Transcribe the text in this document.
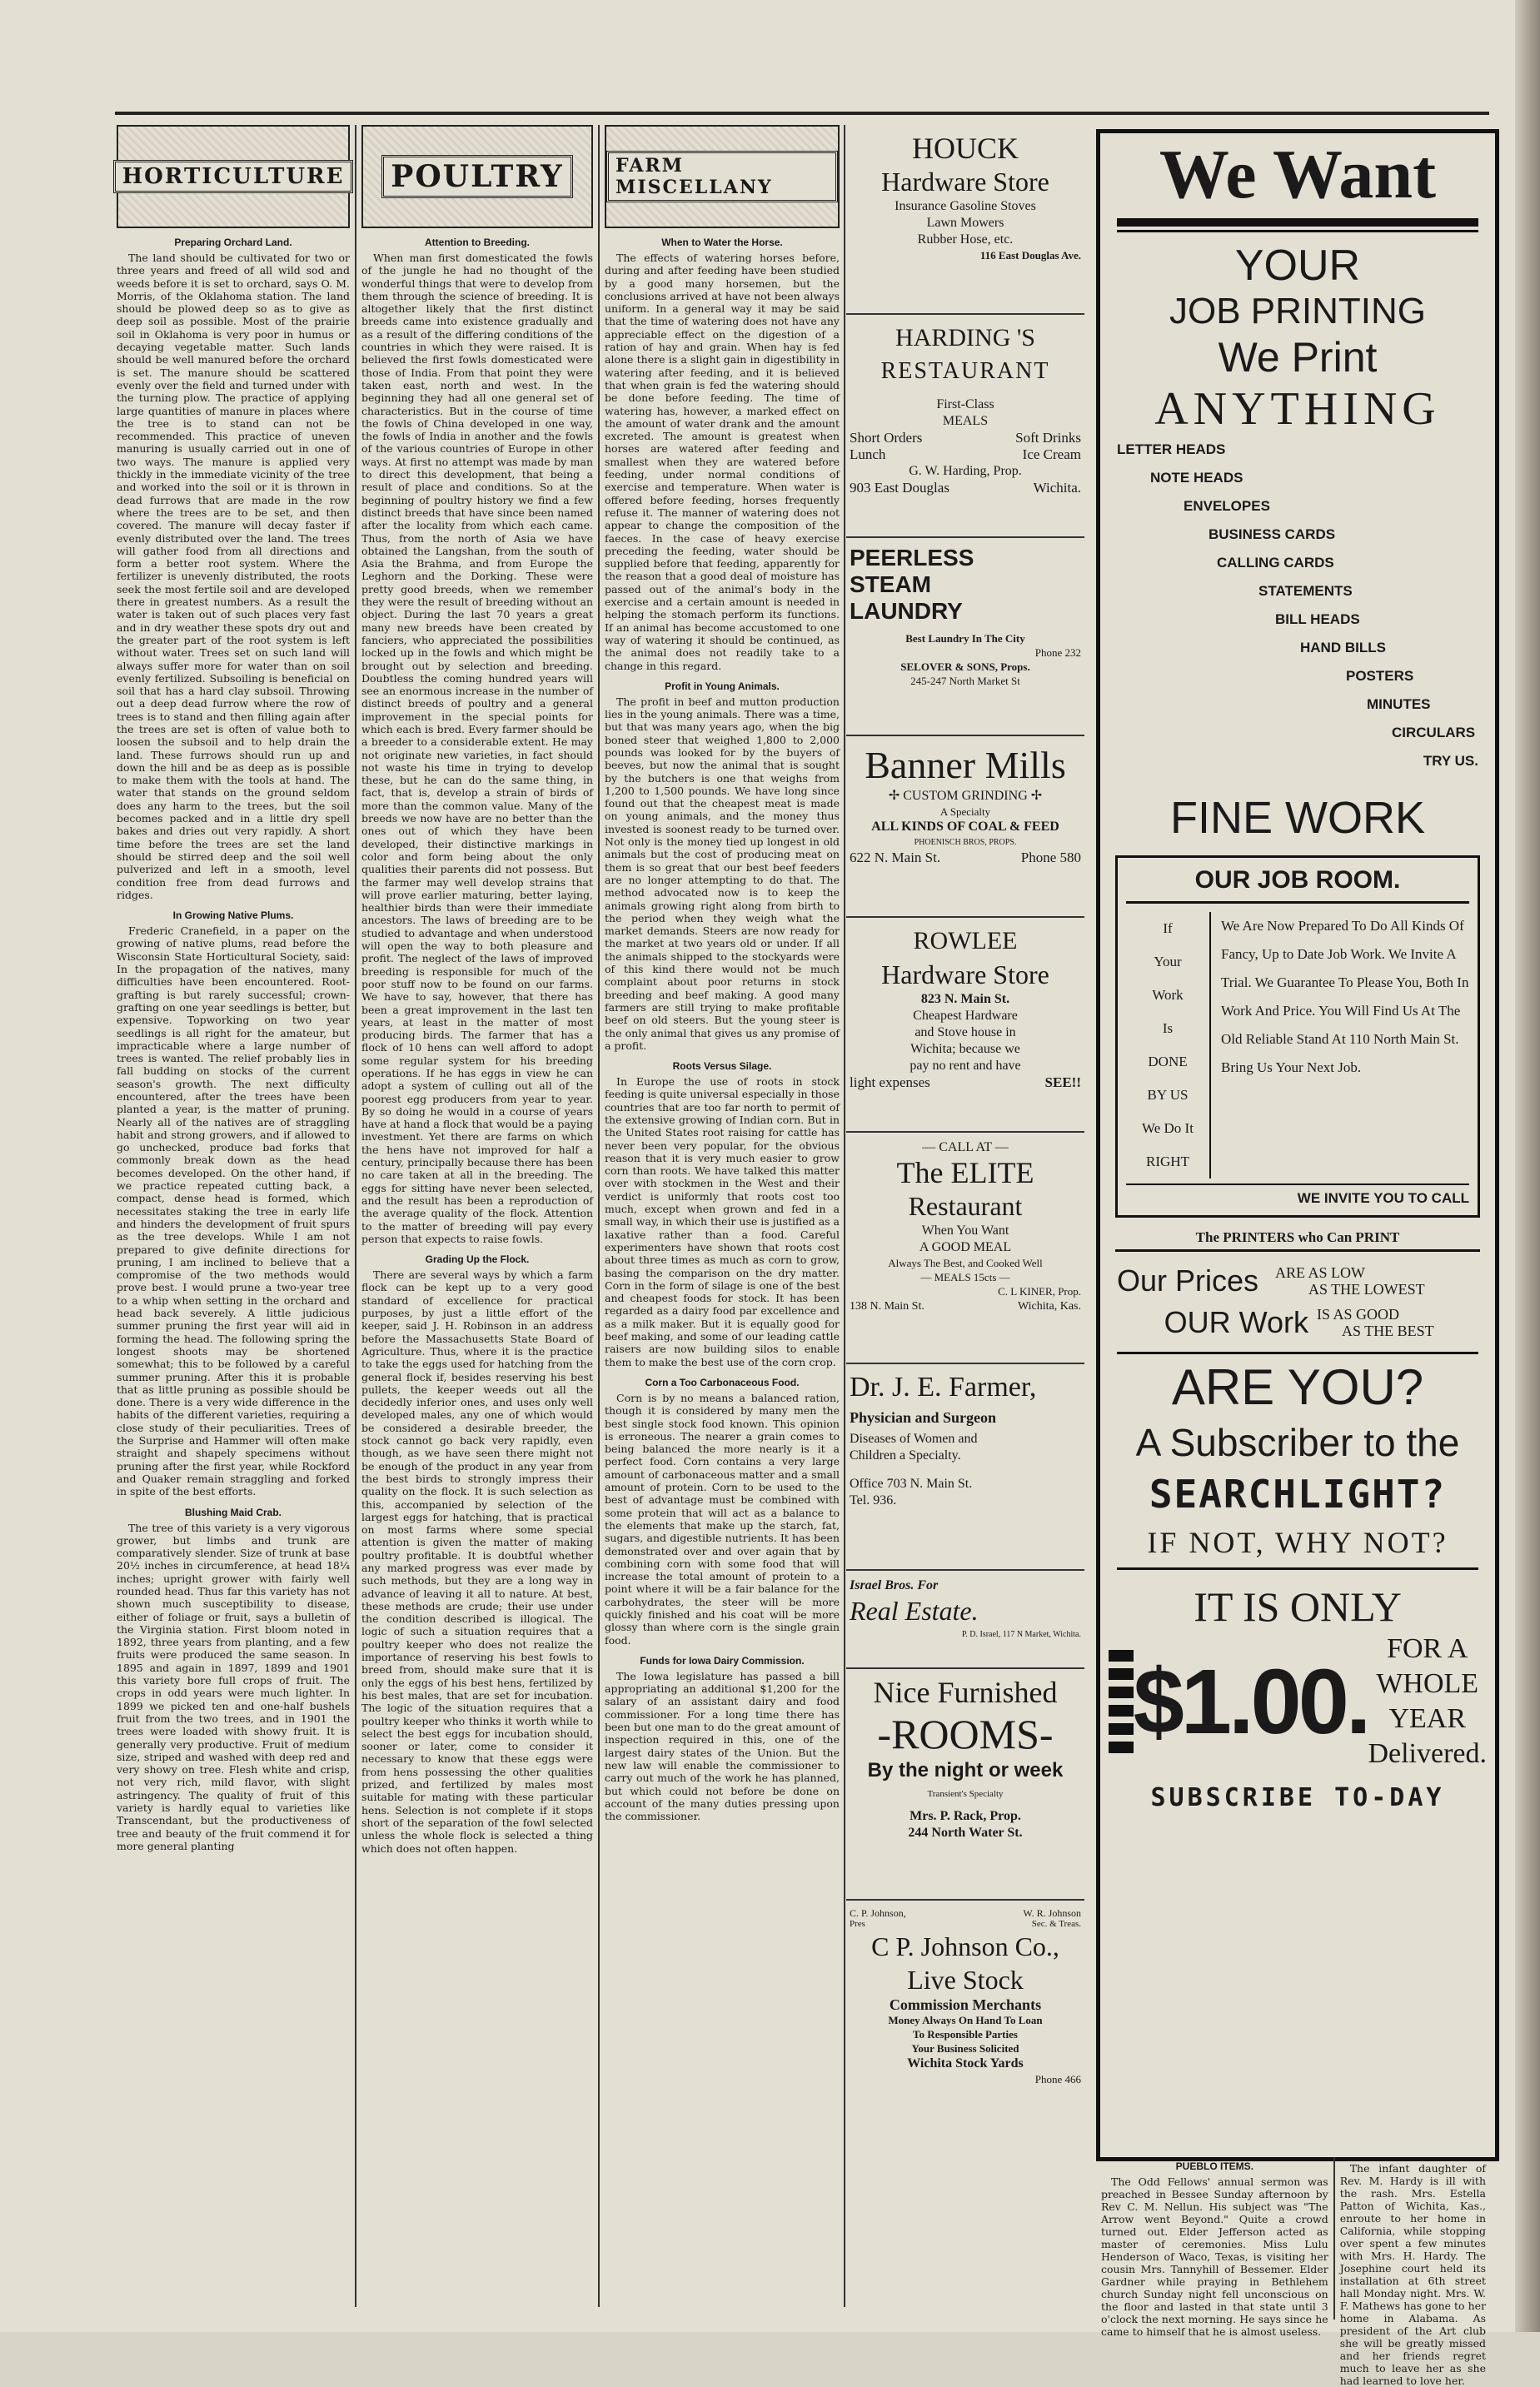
HORTICULTURE
Preparing Orchard Land.

The land should be cultivated for two or three years and freed of all wild sod and weeds before it is set to orchard, says O. M. Morris, of the Oklahoma station. The land should be plowed deep so as to give as deep soil as possible. Most of the prairie soil in Oklahoma is very poor in humus or decaying vegetable matter. Such lands should be well manured before the orchard is set. The manure should be scattered evenly over the field and turned under with the turning plow. The practice of applying large quantities of manure in places where the tree is to stand can not be recommended. This practice of uneven manuring is usually carried out in one of two ways. The manure is applied very thickly in the immediate vicinity of the tree and worked into the soil or it is thrown in dead furrows that are made in the row where the trees are to be set, and then covered. The manure will decay faster if evenly distributed over the land. The trees will gather food from all directions and form a better root system. Where the fertilizer is unevenly distributed, the roots seek the most fertile soil and are developed there in greatest numbers. As a result the water is taken out of such places very fast and in dry weather these spots dry out and the greater part of the root system is left without water. Trees set on such land will always suffer more for water than on soil evenly fertilized. Subsoiling is beneficial on soil that has a hard clay subsoil. Throwing out a deep dead furrow where the row of trees is to stand and then filling again after the trees are set is often of value both to loosen the subsoil and to help drain the land. These furrows should run up and down the hill and be as deep as is possible to make them with the tools at hand. The water that stands on the ground seldom does any harm to the trees, but the soil becomes packed and in a little dry spell bakes and dries out very rapidly. A short time before the trees are set the land should be stirred deep and the soil well pulverized and left in a smooth, level condition free from dead furrows and ridges.

In Growing Native Plums.

Frederic Cranefield, in a paper on the growing of native plums, read before the Wisconsin State Horticultural Society, said: In the propagation of the natives, many difficulties have been encountered. Root-grafting is but rarely successful; crown-grafting on one year seedlings is better, but expensive. Topworking on two year seedlings is all right for the amateur, but impracticable where a large number of trees is wanted. The relief probably lies in fall budding on stocks of the current season's growth. The next difficulty encountered, after the trees have been planted a year, is the matter of pruning. Nearly all of the natives are of straggling habit and strong growers, and if allowed to go unchecked, produce bad forks that commonly break down as the head becomes developed. On the other hand, if we practice repeated cutting back, a compact, dense head is formed, which necessitates staking the tree in early life and hinders the development of fruit spurs as the tree develops. While I am not prepared to give definite directions for pruning, I am inclined to believe that a compromise of the two methods would prove best. I would prune a two-year tree to a whip when setting in the orchard and head back severely. A little judicious summer pruning the first year will aid in forming the head. The following spring the longest shoots may be shortened somewhat; this to be followed by a careful summer pruning. After this it is probable that as little pruning as possible should be done. There is a very wide difference in the habits of the different varieties, requiring a close study of their peculiarities. Trees of the Surprise and Hammer will often make straight and shapely specimens without pruning after the first year, while Rockford and Quaker remain straggling and forked in spite of the best efforts.

Blushing Maid Crab.

The tree of this variety is a very vigorous grower, but limbs and trunk are comparatively slender. Size of trunk at base 20½ inches in circumference, at head 18¼ inches; upright grower with fairly well rounded head. Thus far this variety has not shown much susceptibility to disease, either of foliage or fruit, says a bulletin of the Virginia station. First bloom noted in 1892, three years from planting, and a few fruits were produced the same season. In 1895 and again in 1897, 1899 and 1901 this variety bore full crops of fruit. The crops in odd years were much lighter. In 1899 we picked ten and one-half bushels fruit from the two trees, and in 1901 the trees were loaded with showy fruit. It is generally very productive. Fruit of medium size, striped and washed with deep red and very showy on tree. Flesh white and crisp, not very rich, mild flavor, with slight astringency. The quality of fruit of this variety is hardly equal to varieties like Transcendant, but the productiveness of tree and beauty of the fruit commend it for more general planting

POULTRY
Attention to Breeding.

When man first domesticated the fowls of the jungle he had no thought of the wonderful things that were to develop from them through the science of breeding. It is altogether likely that the first distinct breeds came into existence gradually and as a result of the differing conditions of the countries in which they were raised. It is believed the first fowls domesticated were those of India. From that point they were taken east, north and west. In the beginning they had all one general set of characteristics. But in the course of time the fowls of China developed in one way, the fowls of India in another and the fowls of the various countries of Europe in other ways. At first no attempt was made by man to direct this development, that being a result of place and conditions. So at the beginning of poultry history we find a few distinct breeds that have since been named after the locality from which each came. Thus, from the north of Asia we have obtained the Langshan, from the south of Asia the Brahma, and from Europe the Leghorn and the Dorking. These were pretty good breeds, when we remember they were the result of breeding without an object. During the last 70 years a great many new breeds have been created by fanciers, who appreciated the possibilities locked up in the fowls and which might be brought out by selection and breeding. Doubtless the coming hundred years will see an enormous increase in the number of distinct breeds of poultry and a general improvement in the special points for which each is bred. Every farmer should be a breeder to a considerable extent. He may not originate new varieties, in fact should not waste his time in trying to develop these, but he can do the same thing, in fact, that is, develop a strain of birds of more than the common value. Many of the breeds we now have are no better than the ones out of which they have been developed, their distinctive markings in color and form being about the only qualities their parents did not possess. But the farmer may well develop strains that will prove earlier maturing, better laying, healthier birds than were their immediate ancestors. The laws of breeding are to be studied to advantage and when understood will open the way to both pleasure and profit. The neglect of the laws of improved breeding is responsible for much of the poor stuff now to be found on our farms. We have to say, however, that there has been a great improvement in the last ten years, at least in the matter of most producing birds. The farmer that has a flock of 10 hens can well afford to adopt some regular system for his breeding operations. If he has eggs in view he can adopt a system of culling out all of the poorest egg producers from year to year. By so doing he would in a course of years have at hand a flock that would be a paying investment. Yet there are farms on which the hens have not improved for half a century, principally because there has been no care taken at all in the breeding. The eggs for sitting have never been selected, and the result has been a reproduction of the average quality of the flock. Attention to the matter of breeding will pay every person that expects to raise fowls.

Grading Up the Flock.

There are several ways by which a farm flock can be kept up to a very good standard of excellence for practical purposes, by just a little effort of the keeper, said J. H. Robinson in an address before the Massachusetts State Board of Agriculture. Thus, where it is the practice to take the eggs used for hatching from the general flock if, besides reserving his best pullets, the keeper weeds out all the decidedly inferior ones, and uses only well developed males, any one of which would be considered a desirable breeder, the stock cannot go back very rapidly, even though, as we have seen there might not be enough of the product in any year from the best birds to strongly impress their quality on the flock. It is such selection as this, accompanied by selection of the largest eggs for hatching, that is practical on most farms where some special attention is given the matter of making poultry profitable. It is doubtful whether any marked progress was ever made by such methods, but they are a long way in advance of leaving it all to nature. At best, these methods are crude; their use under the condition described is illogical. The logic of such a situation requires that a poultry keeper who does not realize the importance of reserving his best fowls to breed from, should make sure that it is only the eggs of his best hens, fertilized by his best males, that are set for incubation. The logic of the situation requires that a poultry keeper who thinks it worth while to select the best eggs for incubation should, sooner or later, come to consider it necessary to know that these eggs were from hens possessing the other qualities prized, and fertilized by males most suitable for mating with these particular hens. Selection is not complete if it stops short of the separation of the fowl selected unless the whole flock is selected a thing which does not often happen.

FARM MISCELLANY
When to Water the Horse.

The effects of watering horses before, during and after feeding have been studied by a good many horsemen, but the conclusions arrived at have not been always uniform. In a general way it may be said that the time of watering does not have any appreciable effect on the digestion of a ration of hay and grain. When hay is fed alone there is a slight gain in digestibility in watering after feeding, and it is believed that when grain is fed the watering should be done before feeding. The time of watering has, however, a marked effect on the amount of water drank and the amount excreted. The amount is greatest when horses are watered after feeding and smallest when they are watered before feeding, under normal conditions of exercise and temperature. When water is offered before feeding, horses frequently refuse it. The manner of watering does not appear to change the composition of the faeces. In the case of heavy exercise preceding the feeding, water should be supplied before that feeding, apparently for the reason that a good deal of moisture has passed out of the animal's body in the exercise and a certain amount is needed in helping the stomach perform its functions. If an animal has become accustomed to one way of watering it should be continued, as the animal does not readily take to a change in this regard.

Profit in Young Animals.

The profit in beef and mutton production lies in the young animals. There was a time, but that was many years ago, when the big boned steer that weighed 1,800 to 2,000 pounds was looked for by the buyers of beeves, but now the animal that is sought by the butchers is one that weighs from 1,200 to 1,500 pounds. We have long since found out that the cheapest meat is made on young animals, and the money thus invested is soonest ready to be turned over. Not only is the money tied up longest in old animals but the cost of producing meat on them is so great that our best beef feeders are no longer attempting to do that. The method advocated now is to keep the animals growing right along from birth to the period when they weigh what the market demands. Steers are now ready for the market at two years old or under. If all the animals shipped to the stockyards were of this kind there would not be much complaint about poor returns in stock breeding and beef making. A good many farmers are still trying to make profitable beef on old steers. But the young steer is the only animal that gives us any promise of a profit.

Roots Versus Silage.

In Europe the use of roots in stock feeding is quite universal especially in those countries that are too far north to permit of the extensive growing of Indian corn. But in the United States root raising for cattle has never been very popular, for the obvious reason that it is very much easier to grow corn than roots. We have talked this matter over with stockmen in the West and their verdict is uniformly that roots cost too much, except when grown and fed in a small way, in which their use is justified as a laxative rather than a food. Careful experimenters have shown that roots cost about three times as much as corn to grow, basing the comparison on the dry matter. Corn in the form of silage is one of the best and cheapest foods for stock. It has been regarded as a dairy food par excellence and as a milk maker. But it is equally good for beef making, and some of our leading cattle raisers are now building silos to enable them to make the best use of the corn crop.

Corn a Too Carbonaceous Food.

Corn is by no means a balanced ration, though it is considered by many men the best single stock food known. This opinion is erroneous. The nearer a grain comes to being balanced the more nearly is it a perfect food. Corn contains a very large amount of carbonaceous matter and a small amount of protein. Corn to be used to the best of advantage must be combined with some protein that will act as a balance to the elements that make up the starch, fat, sugars, and digestible nutrients. It has been demonstrated over and over again that by combining corn with some food that will increase the total amount of protein to a point where it will be a fair balance for the carbohydrates, the steer will be more quickly finished and his coat will be more glossy than where corn is the single grain food.

Funds for Iowa Dairy Commission.

The Iowa legislature has passed a bill appropriating an additional $1,200 for the salary of an assistant dairy and food commissioner. For a long time there has been but one man to do the great amount of inspection required in this, one of the largest dairy states of the Union. But the new law will enable the commissioner to carry out much of the work he has planned, but which could not before be done on account of the many duties pressing upon the commissioner.

HOUCK
Hardware Store
Insurance Gasoline Stoves
Lawn Mowers
Rubber Hose, etc.
116 East Douglas Ave.
HARDING 'S
RESTAURANT
First-Class
MEALS
Short Orders	Soft Drinks
Lunch	Ice Cream
G. W. Harding, Prop.
903 East Douglas	Wichita.
PEERLESS
STEAM
LAUNDRY
Best Laundry In The City
Phone 232
SELOVER & SONS, Props.
245-247 North Market St
Banner Mills
✢ CUSTOM GRINDING ✢
A Specialty
ALL KINDS OF COAL & FEED
PHOENISCH BROS, PROPS.
622 N. Main St.	Phone 580
ROWLEE
Hardware Store
823 N. Main St.
Cheapest Hardware
and Stove house in
Wichita; because we
pay no rent and have
light expenses	SEE!!
— CALL AT —
The ELITE
Restaurant
When You Want
A GOOD MEAL
Always The Best, and Cooked Well
— MEALS 15cts —
C. L KINER, Prop.
138 N. Main St.	Wichita, Kas.
Dr. J. E. Farmer,
Physician and Surgeon
Diseases of Women and
Children a Specialty.
Office 703 N. Main St.
Tel. 936.
Israel Bros. For
Real Estate.
P. D. Israel, 117 N Market, Wichita.
Nice Furnished
-ROOMS-
By the night or week
Transient's Specialty
Mrs. P. Rack, Prop.
244 North Water St.
C. P. Johnson,	W. R. Johnson
Pres	Sec. & Treas.
C P. Johnson Co.,
Live Stock
Commission Merchants
Money Always On Hand To Loan
To Responsible Parties
Your Business Solicited
Wichita Stock Yards
Phone 466
We Want
YOUR
JOB PRINTING
We Print
ANYTHING
LETTER HEADS
NOTE HEADS
ENVELOPES
BUSINESS CARDS
CALLING CARDS
STATEMENTS
BILL HEADS
HAND BILLS
POSTERS
MINUTES
CIRCULARS
TRY US.
FINE WORK
OUR JOB ROOM.
If
Your
Work
Is
DONE
BY US
We Do It
RIGHT
We Are Now Prepared To Do All Kinds Of Fancy, Up to Date Job Work. We Invite A Trial. We Guarantee To Please You, Both In Work And Price. You Will Find Us At The Old Reliable Stand At 110 North Main St. Bring Us Your Next Job.
WE INVITE YOU TO CALL
The PRINTERS who Can PRINT
Our Prices	ARE AS LOW
AS THE LOWEST
OUR Work IS AS GOOD
AS THE BEST
ARE YOU?
A Subscriber to the
SEARCHLIGHT?
IF NOT, WHY NOT?
IT IS ONLY
$1.00.
FOR A
WHOLE YEAR
Delivered.
SUBSCRIBE TO-DAY
PUEBLO ITEMS.

The Odd Fellows' annual sermon was preached in Bessee Sunday afternoon by Rev C. M. Nellun. His subject was "The Arrow went Beyond." Quite a crowd turned out. Elder Jefferson acted as master of ceremonies. Miss Lulu Henderson of Waco, Texas, is visiting her cousin Mrs. Tannyhill of Bessemer. Elder Gardner while praying in Bethlehem church Sunday night fell unconscious on the floor and lasted in that state until 3 o'clock the next morning. He says since he came to himself that he is almost useless.

The infant daughter of Rev. M. Hardy is ill with the rash. Mrs. Estella Patton of Wichita, Kas., enroute to her home in California, while stopping over spent a few minutes with Mrs. H. Hardy. The Josephine court held its installation at 6th street hall Monday night. Mrs. W. F. Mathews has gone to her home in Alabama. As president of the Art club she will be greatly missed and her friends regret much to leave her as she had learned to love her.
